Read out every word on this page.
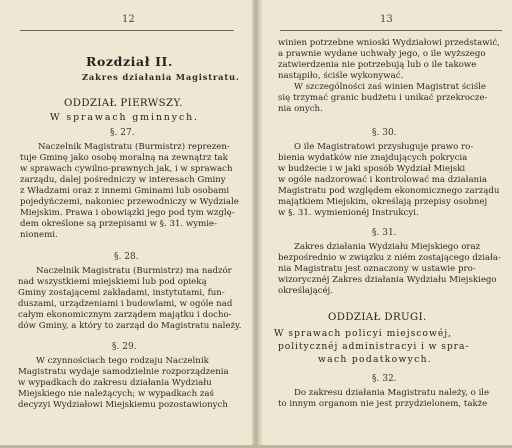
12
Rozdział II.
Zakres działania Magistratu.
ODDZIAŁ PIERWSZY.
W sprawach gminnych.
§. 27.
Naczelnik Magistratu (Burmistrz) reprezen-
tuje Gminę jako osobę moralną na zewnątrz tak
w sprawach cywilno-prawnych jak, i w sprawach
zarządu, dalej pośredniczy w interesach Gminy
z Władzami oraz z innemi Gminami lub osobami
pojedyńczemi, nakoniec przewodniczy w Wydziale
Miejskim. Prawa i obowiązki jego pod tym wzglę-
dem określone są przepisami w §. 31. wymie-
nionemi.
§. 28.
Naczelnik Magistratu (Burmistrz) ma nadzór
nad wszystkiemi miejskiemi lub pod opieką
Gminy zostającemi zakładami, instytutami, fun-
duszami, urządzeniami i budowlami, w ogóle nad
całym ekonomicznym zarządem majątku i docho-
dów Gminy, a który to zarząd do Magistratu należy.
§. 29.
W czynnościach tego rodzaju Naczelnik
Magistratu wydaje samodzielnie rozporządzenia
w wypadkach do zakresu działania Wydziału
Miejskiego nie należących; w wypadkach zaś
decyzyi Wydziałowi Miejskiemu pozostawionych
13
winien potrzebne wnioski Wydziałowi przedstawić,
a prawnie wydane uchwały jego, o ile wyższego
zatwierdzenia nie potrzebują lub o ile takowe
nastąpiło, ściśle wykonywać.
W szczególności zaś winien Magistrat ściśle
się trzymać granic budżetu i unikać przekrocze-
nia onych.
§. 30.
O ile Magistratowi przysługuje prawo ro-
bienia wydatków nie znajdujących pokrycia
w budżecie i w jaki sposób Wydział Miejski
w ogóle nadzorować i kontrolować ma działania
Magistratu pod względem ekonomicznego zarządu
majątkiem Miejskim, określają przepisy osobnej
w §. 31. wymienionéj Instrukcyi.
§. 31.
Zakres działania Wydziału Miejskiego oraz
bezpośrednio w związku z niém zostającego działa-
nia Magistratu jest oznaczony w ustawie pro-
wizorycznéj Zakres działania Wydziału Miejskiego
określającéj.
ODDZIAŁ DRUGI.
W sprawach policyi miejscowéj,
politycznéj administracyi i w spra-
wach podatkowych.
§. 32.
Do zakresu działania Magistratu należy, o ile
to innym organom nie jest przydzielonem, także
